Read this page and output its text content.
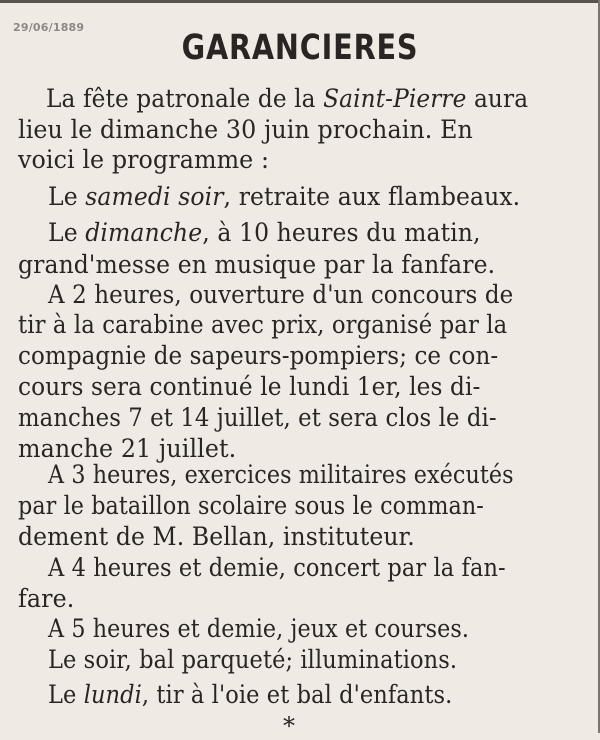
29/06/1889
GARANCIERES
La fête patronale de la Saint-Pierre aura
lieu le dimanche 30 juin prochain. En
voici le programme :
Le samedi soir, retraite aux flambeaux.
Le dimanche, à 10 heures du matin,
grand'messe en musique par la fanfare.
A 2 heures, ouverture d'un concours de
tir à la carabine avec prix, organisé par la
compagnie de sapeurs-pompiers; ce con-
cours sera continué le lundi 1er, les di-
manches 7 et 14 juillet, et sera clos le di-
manche 21 juillet.
A 3 heures, exercices militaires exécutés
par le bataillon scolaire sous le comman-
dement de M. Bellan, instituteur.
A 4 heures et demie, concert par la fan-
fare.
A 5 heures et demie, jeux et courses.
Le soir, bal parqueté; illuminations.
Le lundi, tir à l'oie et bal d'enfants.
*
